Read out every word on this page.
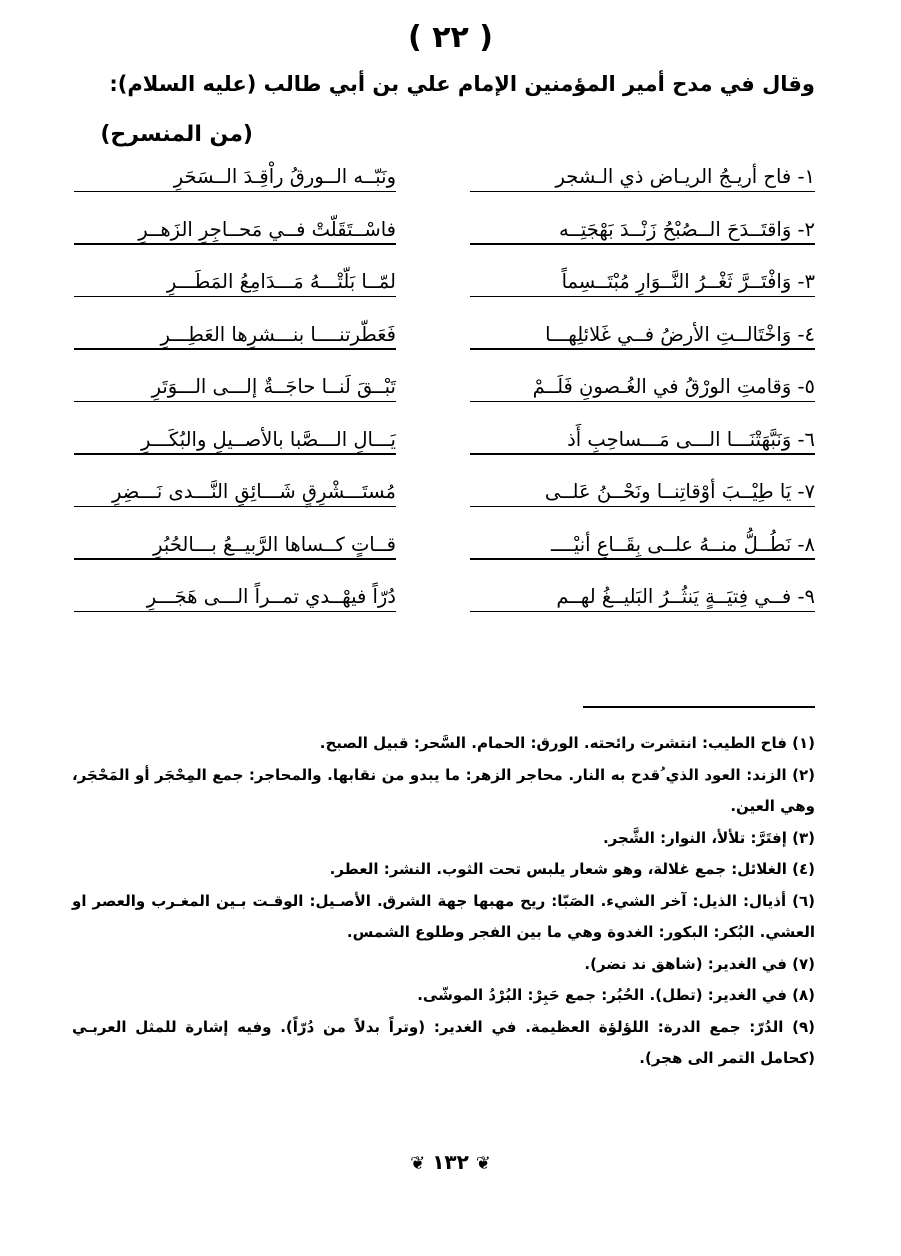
( ٢٢ )
وقال في مدح أمير المؤمنين الإمام علي بن أبي طالب (عليه السلام):
(من المنسرح)
١- فاح أريـجُ الريـاض ذي الـشجر
ونَبّــه الــورقُ راْقِـدَ الــسَحَرِ
٢- وَاقتَــدَحَ الــصُبْحُ زَنْــدَ بَهْجَتِــه
فاسْــتَقَلّتْ فــي مَحــاجِرِ الزَهــرِ
٣- وَافْتَــرَّ ثَغْــرُ النَّــوَارِ مُبْتَــسِماً
لمّــا بَلّتْـــهُ مَـــدَامِعُ المَطَـــرِ
٤- وَاخْتَالــتِ الأرضُ فــي غَلائلِهـــا
فَعَطّرتنــــا بنـــشرِها العَطِـــرِ
٥- وَقامتِ الورْقُ في الغُـصونِ فَلَــمْ
تَبْــقَ لَنــا حاجَــةٌ إلـــى الـــوَتَرِ
٦- وَنَبَّهَتْنَـــا الـــى مَـــساحِبِ أَذ
يَـــالِ الـــصَّبا بالأصــيلِ والبُكَـــرِ
٧- يَا طِيْــبَ أوْقاتِنــا ونَحْــنُ عَلــى
مُستَـــشْرِقٍ شَـــائِقِ النَّـــدى نَـــضِرِ
٨- نَطُــلُّ منــهُ علــى بِقَــاعِ أنيْــــ
قــاتٍ كــساها الرَّبيــعُ بـــالحُبُرِ
٩- فــي فِتيَــةٍ يَنثُــرُ البَليــغُ لهــم
دُرّاً فيهْــدي تمــراً الـــى هَجَـــرِ

(١) فاح الطيب: انتشرت رائحته. الورق: الحمام. السَّحر: قبيل الصبح.

(٢) الزند: العود الذي ُقدح به النار. محاجر الزهر: ما يبدو من نقابها. والمحاجر: جمع المِحْجَر أو المَحْجَر، وهي العين.

(٣) إفتَرَّ: تلألأ، النوار: الشَّجر.

(٤) الغلائل: جمع غلالة، وهو شعار يلبس تحت الثوب. النشر: العطر.

(٦) أذيال: الذيل: آخر الشيء. الصَبّا: ريح مهبها جهة الشرق. الأصـيل: الوقـت بـين المغـرب والعصر او العشي. البُكر: البكور: الغدوة وهي ما بين الفجر وطلوع الشمس.

(٧) في الغدير: (شاهق ند نضر).

(٨) في الغدير: (تطل). الحُبُر: جمع حَبِرْ: البُرْدُ الموشّى.

(٩) الدُرّ: جمع الدرة: اللؤلؤة العظيمة. في الغدير: (وتراً بدلاً من دُرّاً). وفيه إشارة للمثل العربـي (كحامل التمر الى هجر).

❦ ١٣٢ ❦
